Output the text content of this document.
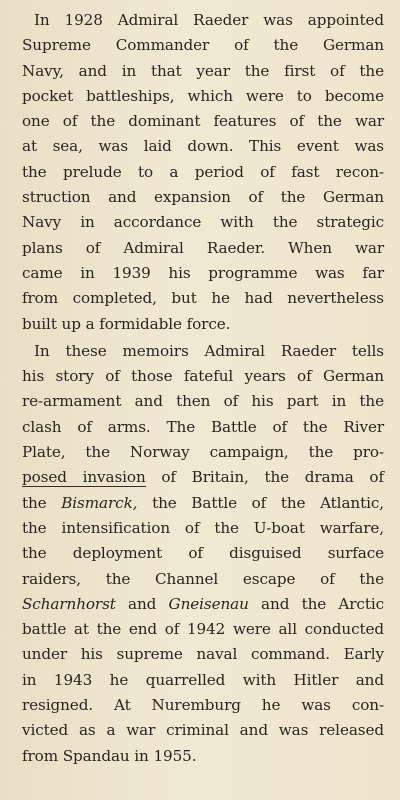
In 1928 Admiral Raeder was appointed
Supreme Commander of the German
Navy, and in that year the first of the
pocket battleships, which were to become
one of the dominant features of the war
at sea, was laid down. This event was
the prelude to a period of fast recon-
struction and expansion of the German
Navy in accordance with the strategic
plans of Admiral Raeder. When war
came in 1939 his programme was far
from completed, but he had nevertheless
built up a formidable force.
In these memoirs Admiral Raeder tells
his story of those fateful years of German
re-armament and then of his part in the
clash of arms. The Battle of the River
Plate, the Norway campaign, the pro-
posed invasion of Britain, the drama of
the Bismarck, the Battle of the Atlantic,
the intensification of the U-boat warfare,
the deployment of disguised surface
raiders, the Channel escape of the
Scharnhorst and Gneisenau and the Arctic
battle at the end of 1942 were all conducted
under his supreme naval command. Early
in 1943 he quarrelled with Hitler and
resigned. At Nuremburg he was con-
victed as a war criminal and was released
from Spandau in 1955.
